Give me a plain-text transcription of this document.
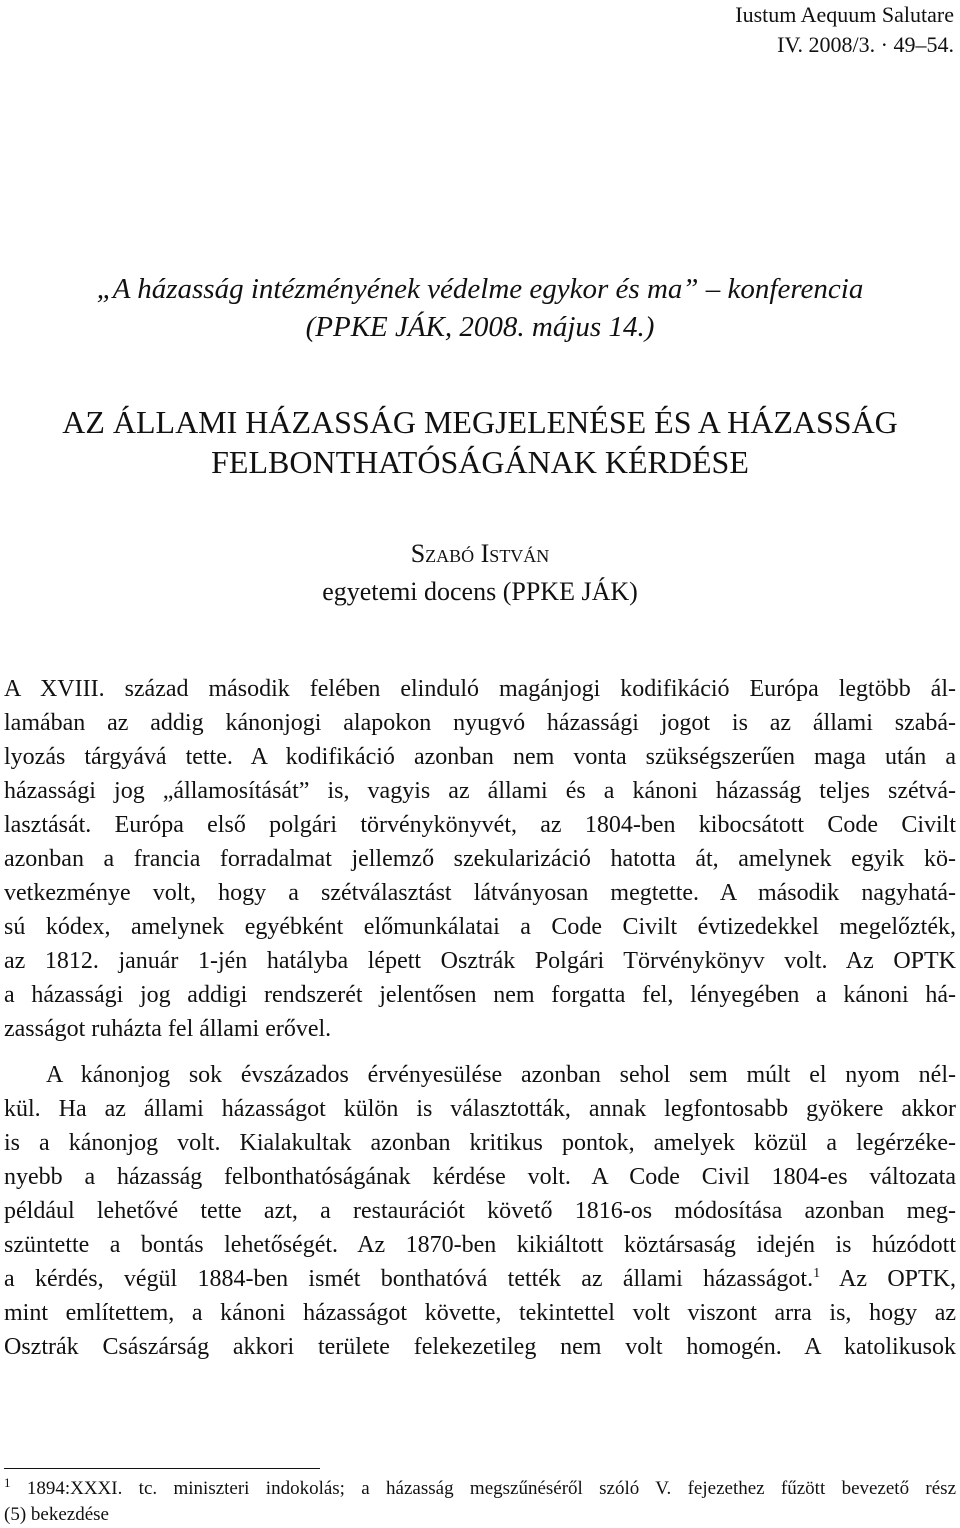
Iustum Aequum Salutare
IV. 2008/3. · 49–54.
„A házasság intézményének védelme egykor és ma” – konferencia
(PPKE JÁK, 2008. május 14.)
AZ ÁLLAMI HÁZASSÁG MEGJELENÉSE ÉS A HÁZASSÁG
FELBONTHATÓSÁGÁNAK KÉRDÉSE
Szabó István
egyetemi docens (PPKE JÁK)
A XVIII. század második felében elinduló magánjogi kodifikáció Európa legtöbb ál-
lamában az addig kánonjogi alapokon nyugvó házassági jogot is az állami szabá-
lyozás tárgyává tette. A kodifikáció azonban nem vonta szükségszerűen maga után a
házassági jog „államosítását” is, vagyis az állami és a kánoni házasság teljes szétvá-
lasztását. Európa első polgári törvénykönyvét, az 1804-ben kibocsátott Code Civilt
azonban a francia forradalmat jellemző szekularizáció hatotta át, amelynek egyik kö-
vetkezménye volt, hogy a szétválasztást látványosan megtette. A második nagyhatá-
sú kódex, amelynek egyébként előmunkálatai a Code Civilt évtizedekkel megelőzték,
az 1812. január 1-jén hatályba lépett Osztrák Polgári Törvénykönyv volt. Az OPTK
a házassági jog addigi rendszerét jelentősen nem forgatta fel, lényegében a kánoni há-
zasságot ruházta fel állami erővel.
A kánonjog sok évszázados érvényesülése azonban sehol sem múlt el nyom nél-
kül. Ha az állami házasságot külön is választották, annak legfontosabb gyökere akkor
is a kánonjog volt. Kialakultak azonban kritikus pontok, amelyek közül a legérzéke-
nyebb a házasság felbonthatóságának kérdése volt. A Code Civil 1804-es változata
például lehetővé tette azt, a restaurációt követő 1816-os módosítása azonban meg-
szüntette a bontás lehetőségét. Az 1870-ben kikiáltott köztársaság idején is húzódott
a kérdés, végül 1884-ben ismét bonthatóvá tették az állami házasságot.$^1$ Az OPTK,
mint említettem, a kánoni házasságot követte, tekintettel volt viszont arra is, hogy az
Osztrák Császárság akkori területe felekezetileg nem volt homogén. A katolikusok
$^1$ 1894:XXXI. tc. miniszteri indokolás; a házasság megszűnéséről szóló V. fejezethez fűzött bevezető rész
(5) bekezdése
